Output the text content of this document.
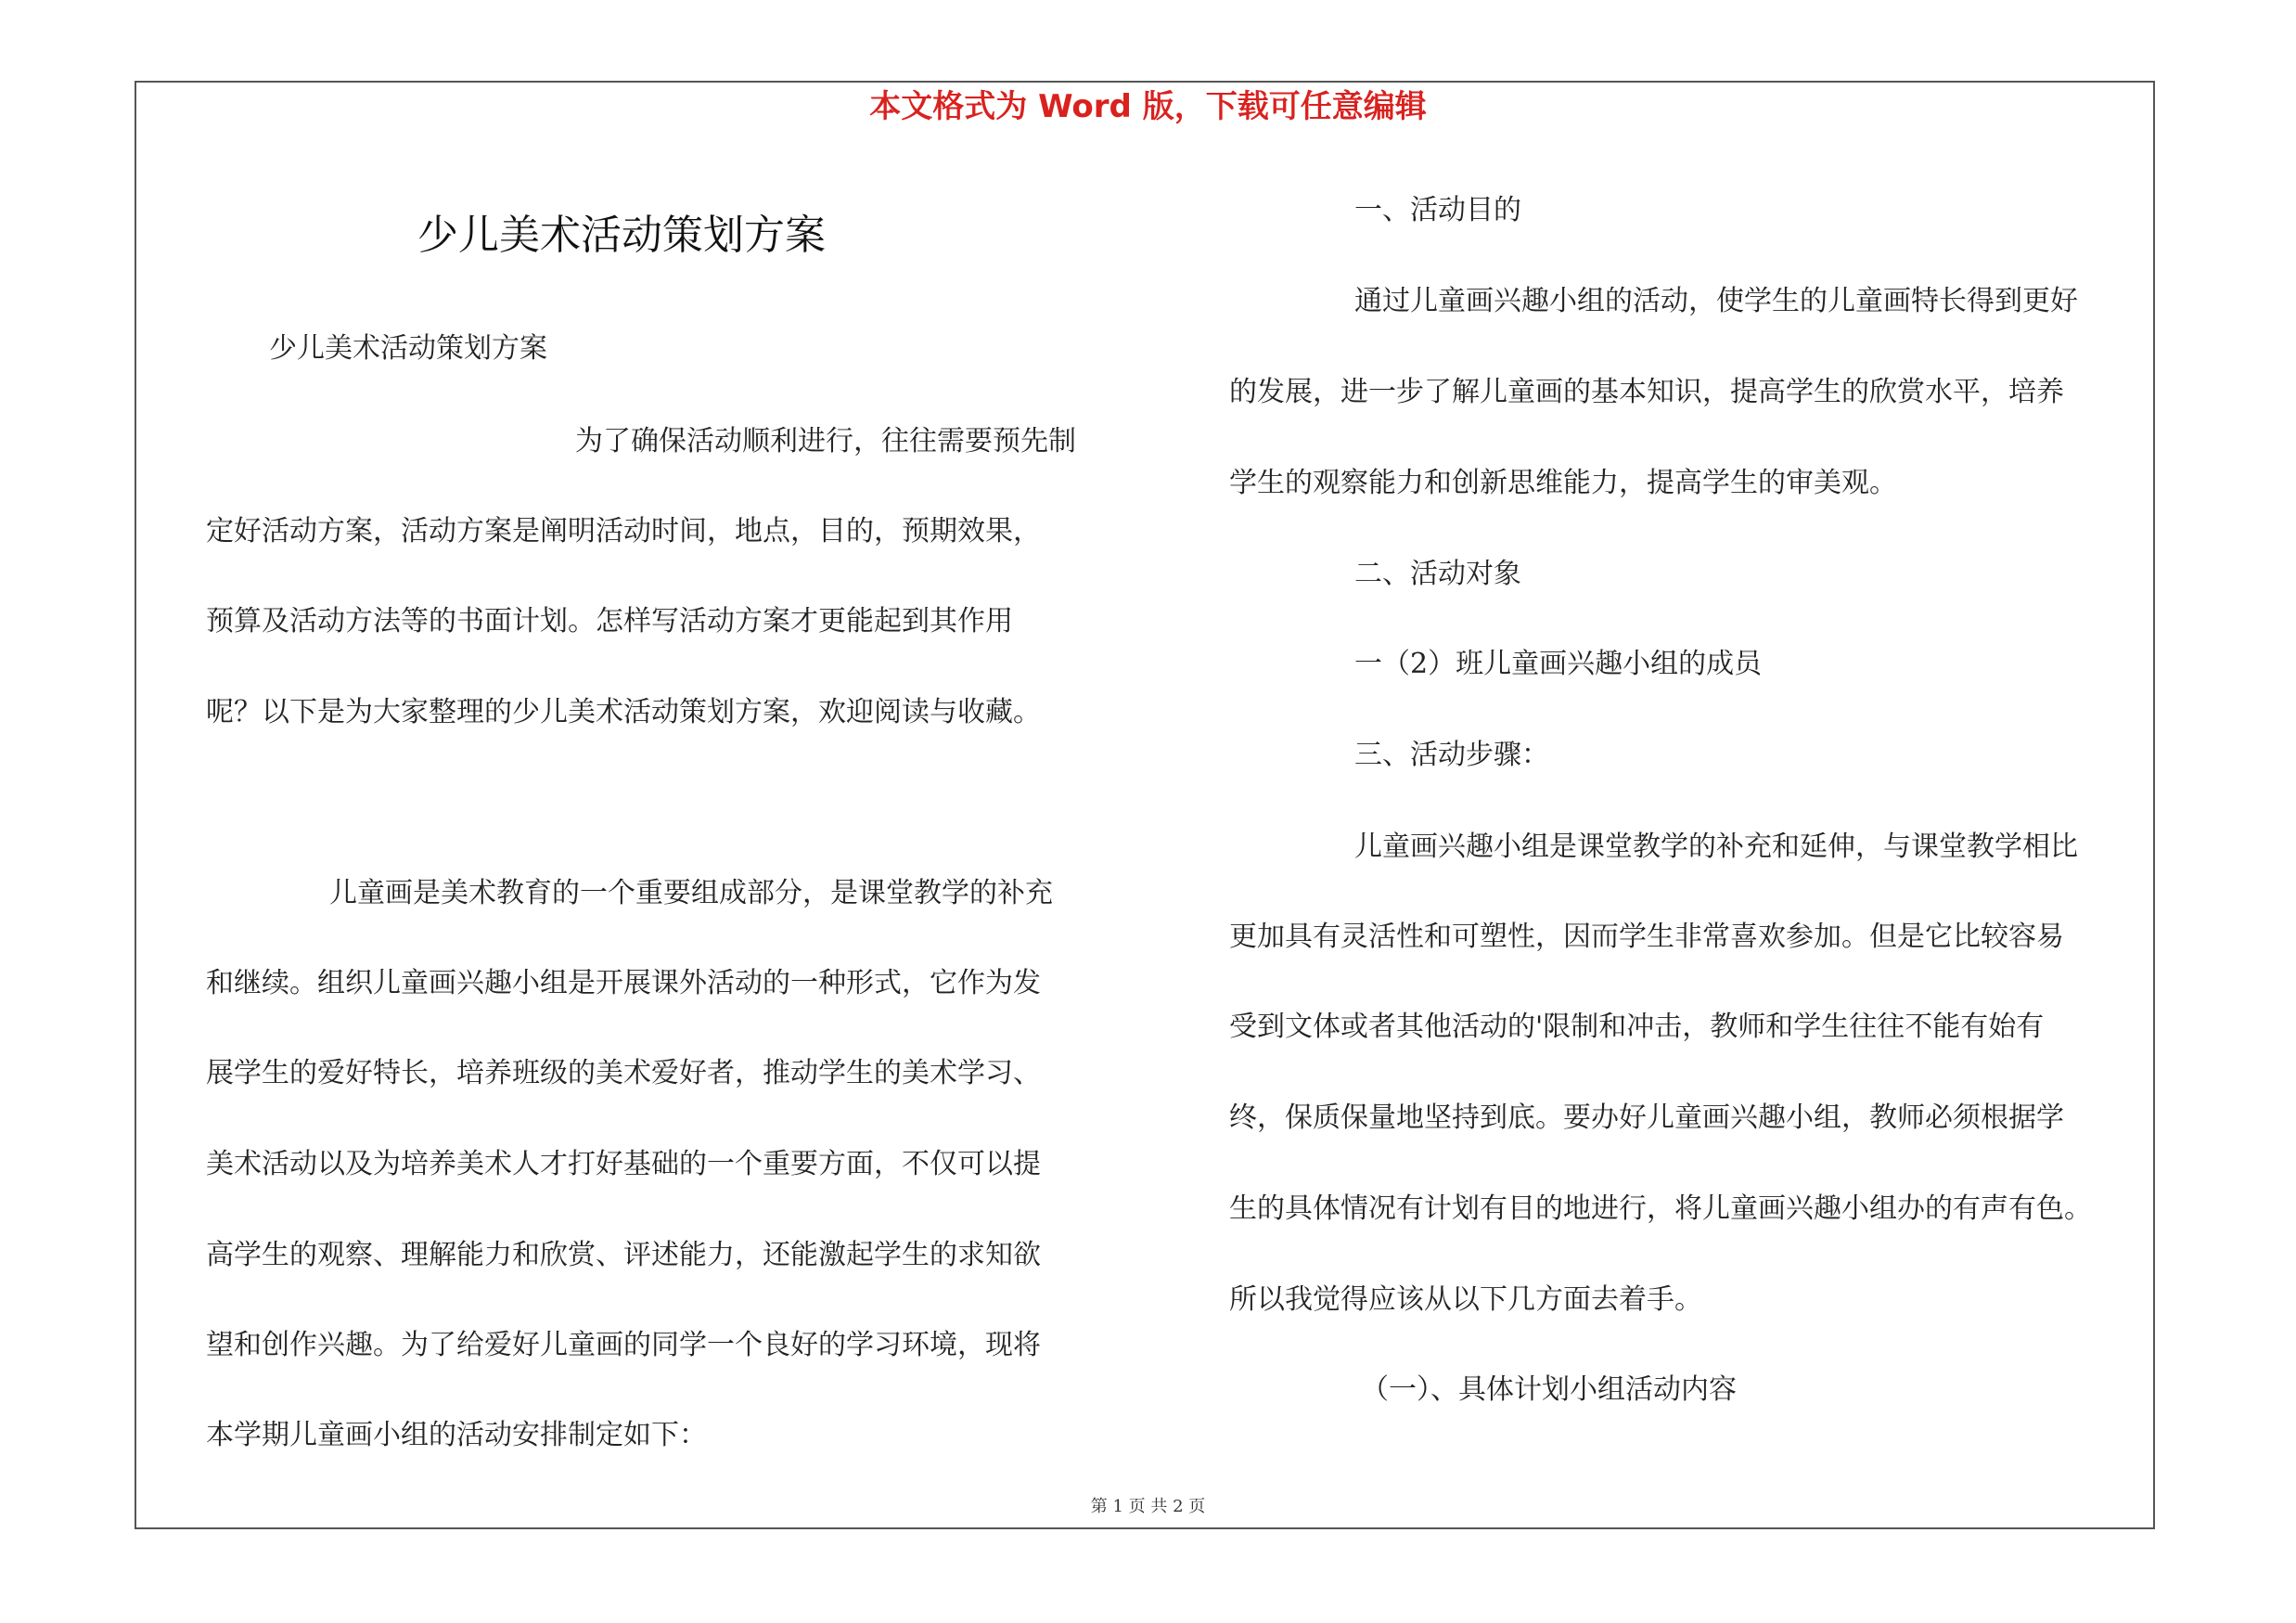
本文格式为 Word 版，下载可任意编辑
少儿美术活动策划方案
少儿美术活动策划方案
为了确保活动顺利进行，往往需要预先制
定好活动方案，活动方案是阐明活动时间，地点，目的，预期效果，
预算及活动方法等的书面计划。怎样写活动方案才更能起到其作用
呢？以下是为大家整理的少儿美术活动策划方案，欢迎阅读与收藏。
儿童画是美术教育的一个重要组成部分，是课堂教学的补充
和继续。组织儿童画兴趣小组是开展课外活动的一种形式，它作为发
展学生的爱好特长，培养班级的美术爱好者，推动学生的美术学习、
美术活动以及为培养美术人才打好基础的一个重要方面，不仅可以提
高学生的观察、理解能力和欣赏、评述能力，还能激起学生的求知欲
望和创作兴趣。为了给爱好儿童画的同学一个良好的学习环境，现将
本学期儿童画小组的活动安排制定如下：
一、活动目的
通过儿童画兴趣小组的活动，使学生的儿童画特长得到更好
的发展，进一步了解儿童画的基本知识，提高学生的欣赏水平，培养
学生的观察能力和创新思维能力，提高学生的审美观。
二、活动对象
一（2）班儿童画兴趣小组的成员
三、活动步骤：
儿童画兴趣小组是课堂教学的补充和延伸，与课堂教学相比
更加具有灵活性和可塑性，因而学生非常喜欢参加。但是它比较容易
受到文体或者其他活动的'限制和冲击，教师和学生往往不能有始有
终，保质保量地坚持到底。要办好儿童画兴趣小组，教师必须根据学
生的具体情况有计划有目的地进行，将儿童画兴趣小组办的有声有色。
所以我觉得应该从以下几方面去着手。
（一）、具体计划小组活动内容
第 1 页 共 2 页
